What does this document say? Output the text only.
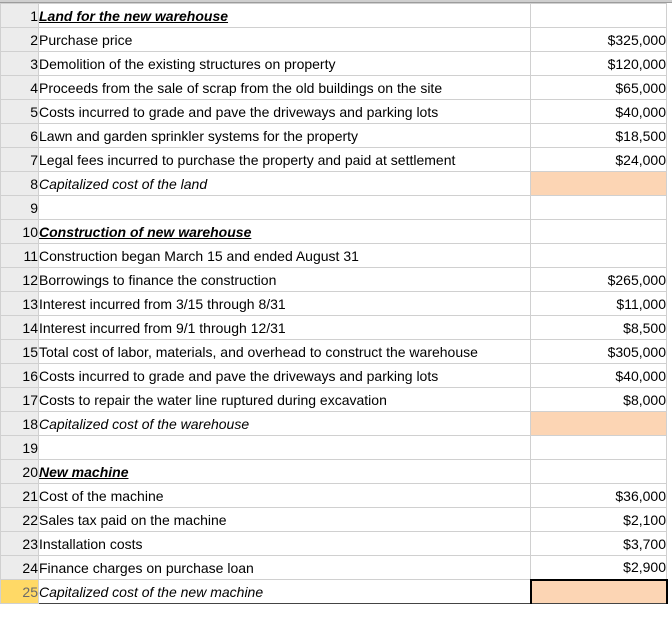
1	Land for the new warehouse	
2	Purchase price	$325,000
3	Demolition of the existing structures on property	$120,000
4	Proceeds from the sale of scrap from the old buildings on the site	$65,000
5	Costs incurred to grade and pave the driveways and parking lots	$40,000
6	Lawn and garden sprinkler systems for the property	$18,500
7	Legal fees incurred to purchase the property and paid at settlement	$24,000
8	Capitalized cost of the land	
9		
10	Construction of new warehouse	
11	Construction began March 15 and ended August 31	
12	Borrowings to finance the construction	$265,000
13	Interest incurred from 3/15 through 8/31	$11,000
14	Interest incurred from 9/1 through 12/31	$8,500
15	Total cost of labor, materials, and overhead to construct the warehouse	$305,000
16	Costs incurred to grade and pave the driveways and parking lots	$40,000
17	Costs to repair the water line ruptured during excavation	$8,000
18	Capitalized cost of the warehouse	
19		
20	New machine	
21	Cost of the machine	$36,000
22	Sales tax paid on the machine	$2,100
23	Installation costs	$3,700
24	Finance charges on purchase loan	$2,900
25	Capitalized cost of the new machine	
